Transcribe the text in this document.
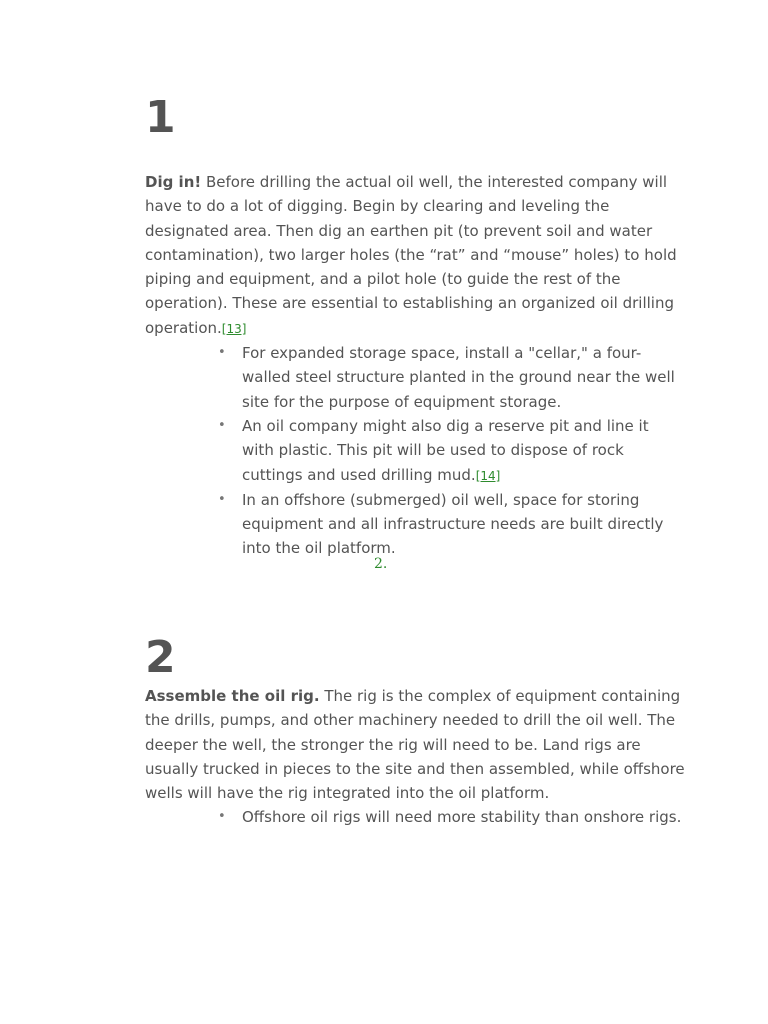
1

Dig in! Before drilling the actual oil well, the interested company will have to do a lot of digging. Begin by clearing and leveling the designated area. Then dig an earthen pit (to prevent soil and water contamination), two larger holes (the “rat” and “mouse” holes) to hold piping and equipment, and a pilot hole (to guide the rest of the operation). These are essential to establishing an organized oil drilling operation.[13]

• For expanded storage space, install a "cellar," a four-walled steel structure planted in the ground near the well site for the purpose of equipment storage.
• An oil company might also dig a reserve pit and line it with plastic. This pit will be used to dispose of rock cuttings and used drilling mud.[14]
• In an offshore (submerged) oil well, space for storing equipment and all infrastructure needs are built directly into the oil platform.
2.
2

Assemble the oil rig. The rig is the complex of equipment containing the drills, pumps, and other machinery needed to drill the oil well. The deeper the well, the stronger the rig will need to be. Land rigs are usually trucked in pieces to the site and then assembled, while offshore wells will have the rig integrated into the oil platform.

• Offshore oil rigs will need more stability than onshore rigs.
